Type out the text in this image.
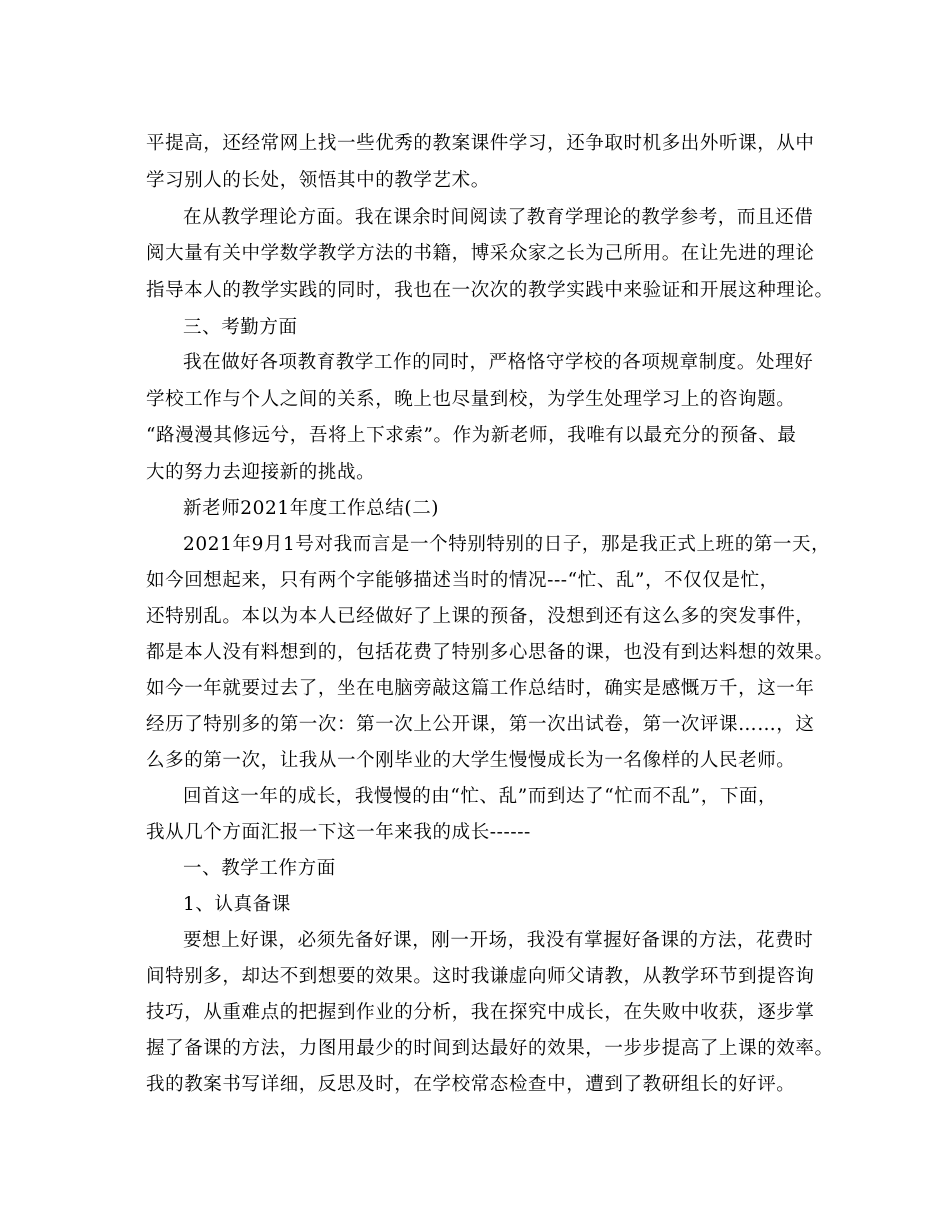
平提高，还经常网上找一些优秀的教案课件学习，还争取时机多出外听课，从中
学习别人的长处，领悟其中的教学艺术。
在从教学理论方面。我在课余时间阅读了教育学理论的教学参考，而且还借
阅大量有关中学数学教学方法的书籍，博采众家之长为己所用。在让先进的理论
指导本人的教学实践的同时，我也在一次次的教学实践中来验证和开展这种理论。
三、考勤方面
我在做好各项教育教学工作的同时，严格恪守学校的各项规章制度。处理好
学校工作与个人之间的关系，晚上也尽量到校，为学生处理学习上的咨询题。
“路漫漫其修远兮，吾将上下求索”。作为新老师，我唯有以最充分的预备、最
大的努力去迎接新的挑战。
新老师2021年度工作总结(二)
2021年9月1号对我而言是一个特别特别的日子，那是我正式上班的第一天，
如今回想起来，只有两个字能够描述当时的情况---“忙、乱”，不仅仅是忙，
还特别乱。本以为本人已经做好了上课的预备，没想到还有这么多的突发事件，
都是本人没有料想到的，包括花费了特别多心思备的课，也没有到达料想的效果。
如今一年就要过去了，坐在电脑旁敲这篇工作总结时，确实是感慨万千，这一年
经历了特别多的第一次：第一次上公开课，第一次出试卷，第一次评课……，这
么多的第一次，让我从一个刚毕业的大学生慢慢成长为一名像样的人民老师。
回首这一年的成长，我慢慢的由“忙、乱”而到达了“忙而不乱”，下面，
我从几个方面汇报一下这一年来我的成长------
一、教学工作方面
1、认真备课
要想上好课，必须先备好课，刚一开场，我没有掌握好备课的方法，花费时
间特别多，却达不到想要的效果。这时我谦虚向师父请教，从教学环节到提咨询
技巧，从重难点的把握到作业的分析，我在探究中成长，在失败中收获，逐步掌
握了备课的方法，力图用最少的时间到达最好的效果，一步步提高了上课的效率。
我的教案书写详细，反思及时，在学校常态检查中，遭到了教研组长的好评。
